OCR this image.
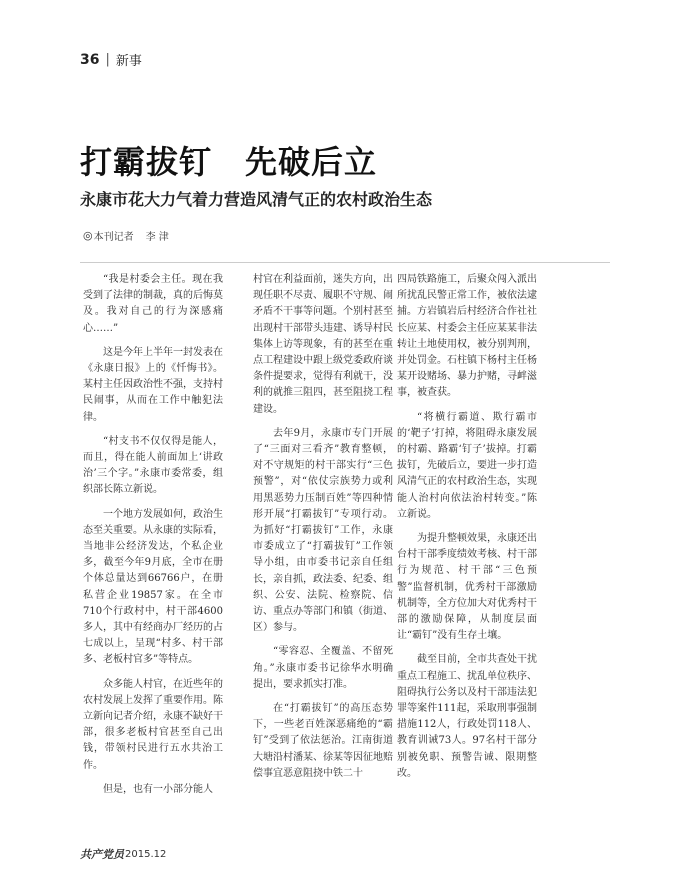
36 | 新事
打霸拔钉　先破后立
永康市花大力气着力营造风清气正的农村政治生态
◎ 本刊记者 李 津

“我是村委会主任。现在我受到了法律的制裁，真的后悔莫及。我对自己的行为深感痛心……”

这是今年上半年一封发表在《永康日报》上的《忏悔书》。某村主任因政治性不强，支持村民闹事，从而在工作中触犯法律。

“村支书不仅仅得是能人，而且，得在能人前面加上‘讲政治’三个字。”永康市委常委，组织部长陈立新说。

一个地方发展如何，政治生态至关重要。从永康的实际看，当地非公经济发达，个私企业多，截至今年9月底，全市在册个体总量达到66766户，在册私营企业19857家。在全市710个行政村中，村干部4600多人，其中有经商办厂经历的占七成以上，呈现“村多、村干部多、老板村官多”等特点。

众多能人村官，在近些年的农村发展上发挥了重要作用。陈立新向记者介绍，永康不缺好干部，很多老板村官甚至自己出钱，带领村民进行五水共治工作。

但是，也有一小部分能人

村官在利益面前，迷失方向，出现任职不尽责、履职不守规、闹矛盾不干事等问题。个别村甚至出现村干部带头违建、诱导村民集体上访等现象，有的甚至在重点工程建设中跟上级党委政府谈条件提要求，觉得有利就干，没利的就推三阻四，甚至阻挠工程建设。

去年9月，永康市专门开展了“三面对三看齐”教育整顿，对不守规矩的村干部实行“三色预警”，对“依仗宗族势力或利用黑恶势力压制百姓”等四种情形开展“打霸拔钉”专项行动。为抓好“打霸拔钉”工作，永康市委成立了“打霸拔钉”工作领导小组，由市委书记亲自任组长，亲自抓，政法委、纪委、组织、公安、法院、检察院、信访、重点办等部门和镇（街道、区）参与。

“零容忍、全覆盖、不留死角。”永康市委书记徐华水明确提出，要求抓实打准。

在“打霸拔钉”的高压态势下，一些老百姓深恶痛绝的“霸钉”受到了依法惩治。江南街道大塘沿村潘某、徐某等因征地赔偿事宜恶意阻挠中铁二十

四局铁路施工，后聚众闯入派出所扰乱民警正常工作，被依法逮捕。方岩镇岩后村经济合作社社长应某、村委会主任应某某非法转让土地使用权，被分别判刑，并处罚金。石柱镇下杨村主任杨某开设赌场、暴力护赌，寻衅滋事，被查获。

“将横行霸道、欺行霸市的‘靶子’打掉，将阻碍永康发展的村霸、路霸‘钉子’拔掉。打霸拔钉，先破后立，要进一步打造风清气正的农村政治生态，实现能人治村向依法治村转变。”陈立新说。

为提升整顿效果，永康还出台村干部季度绩效考核、村干部行为规范、村干部“三色预警”监督机制，优秀村干部激励机制等，全方位加大对优秀村干部的激励保障，从制度层面让“霸钉”没有生存土壤。

截至目前，全市共查处干扰重点工程施工、扰乱单位秩序、阻碍执行公务以及村干部违法犯罪等案件111起，采取刑事强制措施112人，行政处罚118人、教育训诫73人。97名村干部分别被免职、预警告诫、限期整改。

共产党员 2015.12
